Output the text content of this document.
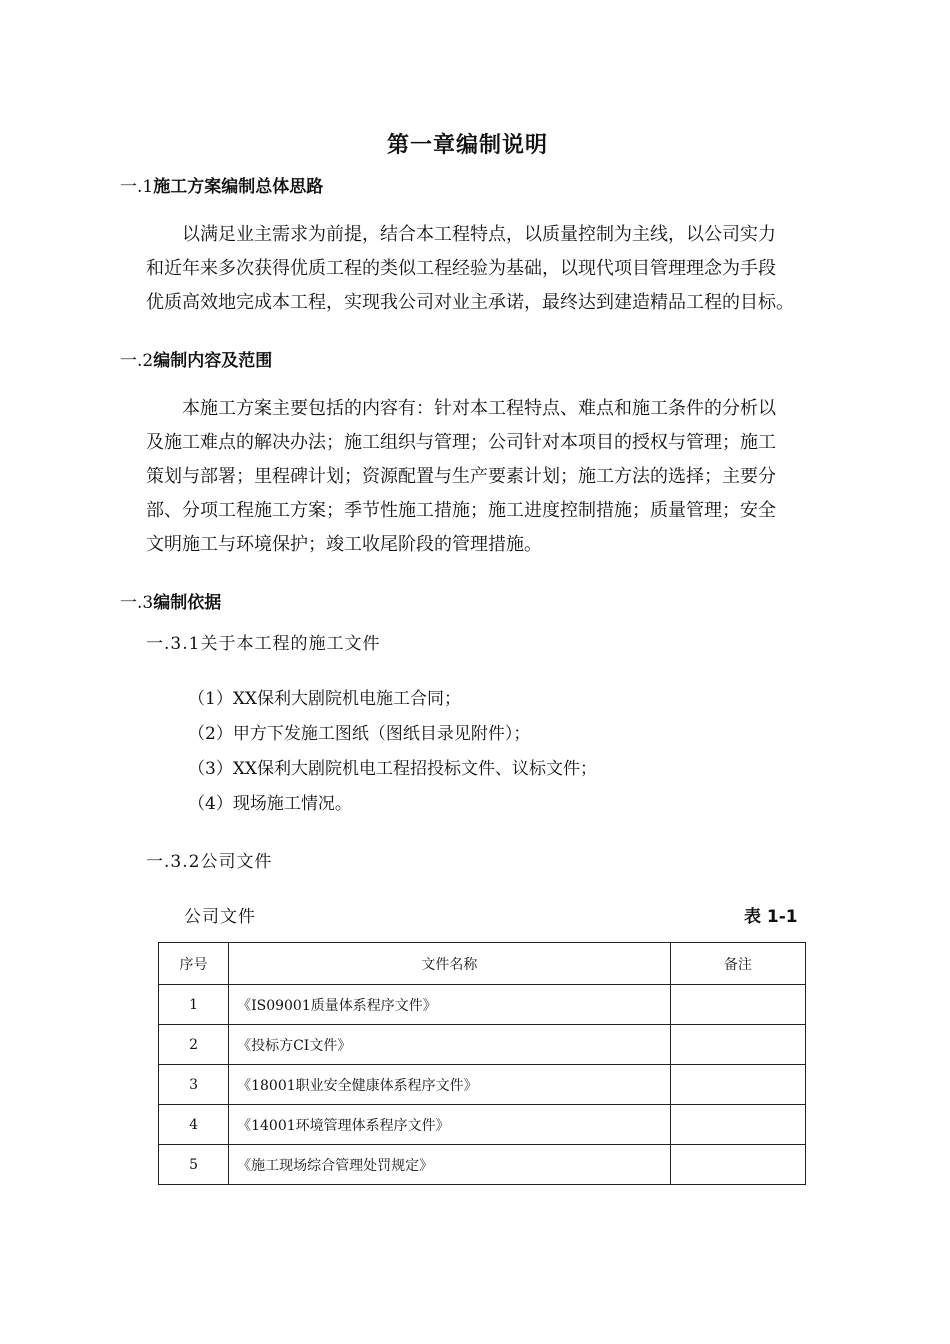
第一章编制说明
一.1施工方案编制总体思路
以满足业主需求为前提，结合本工程特点，以质量控制为主线，以公司实力
和近年来多次获得优质工程的类似工程经验为基础，以现代项目管理理念为手段
优质高效地完成本工程，实现我公司对业主承诺，最终达到建造精品工程的目标。
一.2编制内容及范围
本施工方案主要包括的内容有：针对本工程特点、难点和施工条件的分析以
及施工难点的解决办法；施工组织与管理；公司针对本项目的授权与管理；施工
策划与部署；里程碑计划；资源配置与生产要素计划；施工方法的选择；主要分
部、分项工程施工方案；季节性施工措施；施工进度控制措施；质量管理；安全
文明施工与环境保护；竣工收尾阶段的管理措施。
一.3编制依据
一.3.1关于本工程的施工文件
（1）XX保利大剧院机电施工合同；
（2）甲方下发施工图纸（图纸目录见附件）；
（3）XX保利大剧院机电工程招投标文件、议标文件；
（4）现场施工情况。
一.3.2公司文件
公司文件	表 1-1
序号	文件名称	备注
1	《IS09001质量体系程序文件》	
2	《投标方CI文件》	
3	《18001职业安全健康体系程序文件》	
4	《14001环境管理体系程序文件》	
5	《施工现场综合管理处罚规定》	
